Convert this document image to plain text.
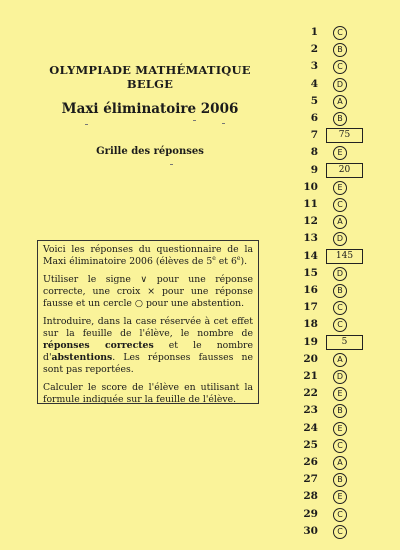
OLYMPIADE MATHÉMATIQUE BELGE
Maxi éliminatoire 2006
Grille des réponses

Voici les réponses du questionnaire de la Maxi éliminatoire 2006 (élèves de 5e et 6e).

Utiliser le signe ∨ pour une réponse correcte, une croix × pour une réponse fausse et un cercle ○ pour une abstention.

Introduire, dans la case réservée à cet effet sur la feuille de l'élève, le nombre de réponses correctes et le nombre d'abstentions. Les réponses fausses ne sont pas reportées.

Calculer le score de l'élève en utilisant la formule indiquée sur la feuille de l'élève.

1	C
2	B
3	C
4	D
5	A
6	B
7	75
8	E
9	20
10	E
11	C
12	A
13	D
14	145
15	D
16	B
17	C
18	C
19	5
20	A
21	D
22	E
23	B
24	E
25	C
26	A
27	B
28	E
29	C
30	C
